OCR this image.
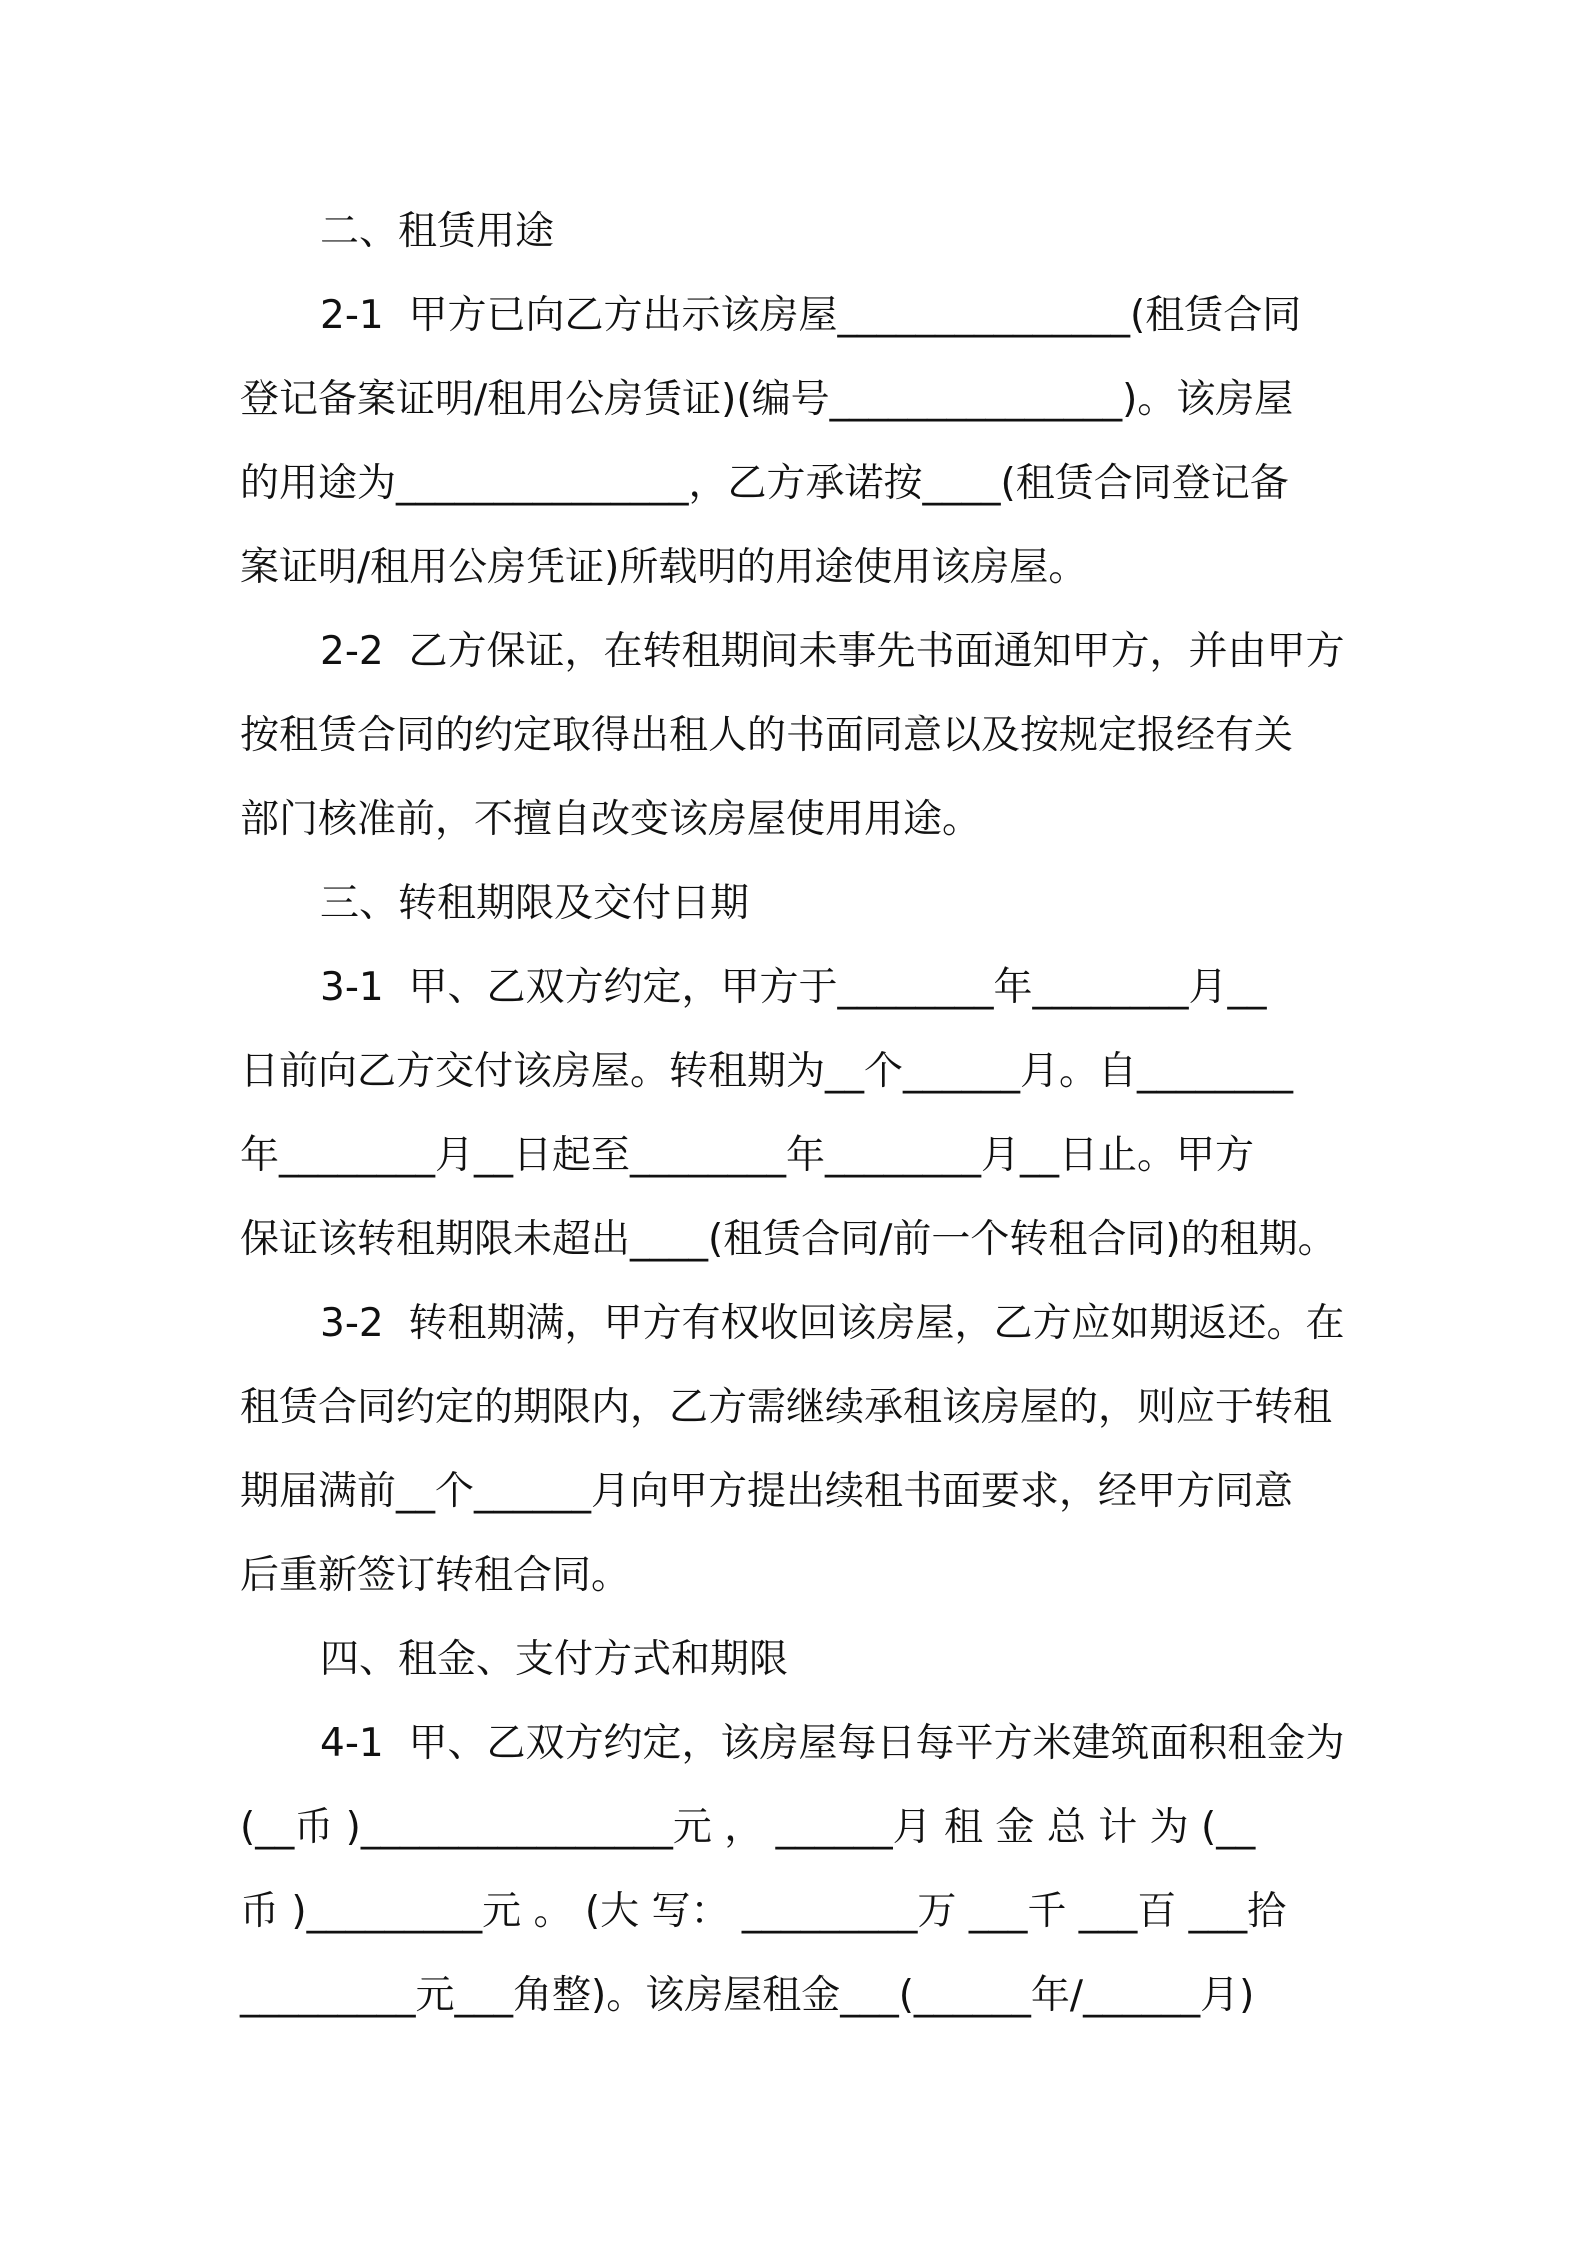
二、租赁用途
2-1  甲方已向乙方出示该房屋_______________(租赁合同
登记备案证明/租用公房赁证)(编号_______________)。该房屋
的用途为_______________，乙方承诺按____(租赁合同登记备
案证明/租用公房凭证)所载明的用途使用该房屋。
2-2  乙方保证，在转租期间未事先书面通知甲方，并由甲方
按租赁合同的约定取得出租人的书面同意以及按规定报经有关
部门核准前，不擅自改变该房屋使用用途。
三、转租期限及交付日期
3-1  甲、乙双方约定，甲方于________年________月__
日前向乙方交付该房屋。转租期为__个______月。自________
年________月__日起至________年________月__日止。甲方
保证该转租期限未超出____(租赁合同/前一个转租合同)的租期。
3-2  转租期满，甲方有权收回该房屋，乙方应如期返还。在
租赁合同约定的期限内，乙方需继续承租该房屋的，则应于转租
期届满前__个______月向甲方提出续租书面要求，经甲方同意
后重新签订转租合同。
四、租金、支付方式和期限
4-1  甲、乙双方约定，该房屋每日每平方米建筑面积租金为
(__币 )________________元 ， ______月 租 金 总 计 为 (__
币 )_________元 。 (大 写： _________万 ___千 ___百 ___拾
_________元___角整)。该房屋租金___(______年/______月)
